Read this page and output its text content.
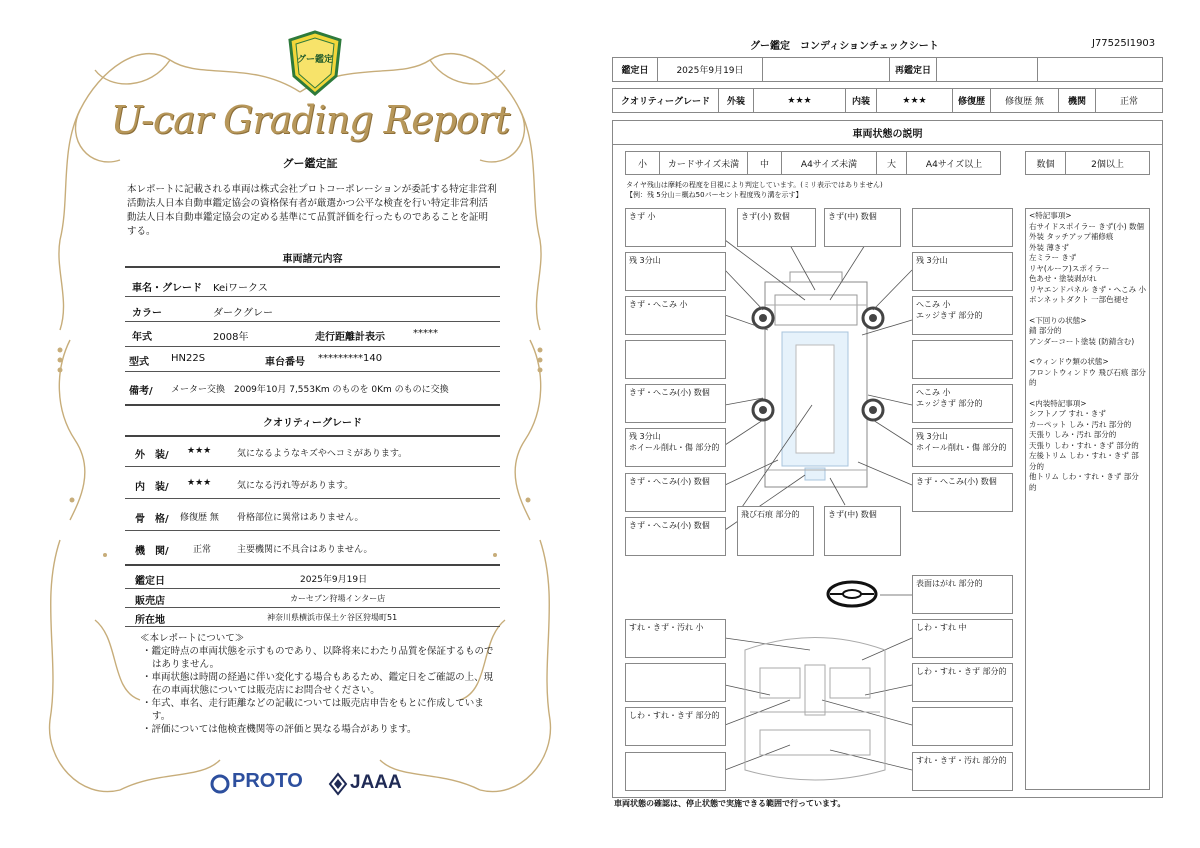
グー鑑定
U-car Grading Report
グー鑑定証
本レポートに記載される車両は株式会社プロトコーポレーションが委託する特定非営利活動法人日本自動車鑑定協会の資格保有者が厳選かつ公平な検査を行い特定非営利活動法人日本自動車鑑定協会の定める基準にて品質評価を行ったものであることを証明する。
車両諸元内容
車名・グレード Keiワークス
カラー	ダークグレー
年式	2008年	走行距離計表示	*****
型式 HN22S	車台番号 *********140
備考/ メーター交換　2009年10月 7,553Km のものを 0Km のものに交換
クオリティーグレード
外　装/ ★★★	気になるようなキズやヘコミがあります。
内　装/ ★★★	気になる汚れ等があります。
骨　格/ 修復歴 無 骨格部位に異常はありません。
機　関/	正常	主要機関に不具合はありません。
鑑定日	2025年9月19日
販売店	カーセブン狩場インター店
所在地	神奈川県横浜市保土ケ谷区狩場町51
≪本レポートについて≫
・鑑定時点の車両状態を示すものであり、以降将来にわたり品質を保証するものではありません。
・車両状態は時間の経過に伴い変化する場合もあるため、鑑定日をご確認の上、現在の車両状態については販売店にお問合せください。
・年式、車名、走行距離などの記載については販売店申告をもとに作成しています。
・評価については他検査機関等の評価と異なる場合があります。
PROTO JAAA
グー鑑定　コンディションチェックシート	J77525I1903
鑑定日	2025年9月19日	再鑑定日
クオリティーグレード	外装	★★★	内装	★★★	修復歴	修復歴 無	機関	正常
車両状態の説明
小	カードサイズ未満	中	A4サイズ未満	大	A4サイズ以上	数個	2個以上
タイヤ残山は摩耗の程度を目視により判定しています。(ミリ表示ではありません)
【例：残 5分山＝概ね50パーセント程度残り溝を示す】
きず 小	きず(小) 数個	きず(中) 数個
残 3分山	残 3分山
きず・へこみ 小	へこみ 小
エッジきず 部分的
きず・へこみ(小) 数個	へこみ 小
エッジきず 部分的
残 3分山
ホイール削れ・傷 部分的
残 3分山
ホイール削れ・傷 部分的
きず・へこみ(小) 数個	きず・へこみ(小) 数個
きず・へこみ(小) 数個
飛び石痕 部分的	きず(中) 数個
表面はがれ 部分的
すれ・きず・汚れ 小	しわ・すれ 中
しわ・すれ・きず 部分的
しわ・すれ・きず 部分的
すれ・きず・汚れ 部分的
<特記事項>
右サイドスポイラー きず(小) 数個
外装 タッチアップ補修痕
外装 薄きず
左ミラー きず
リヤ(ルーフ)スポイラー
色あせ・塗装剥がれ
リヤエンドパネル きず・へこみ 小
ボンネットダクト 一部色褪せ
<下回りの状態>
錆 部分的
アンダーコート塗装 (防錆含む)
<ウィンドウ類の状態>
フロントウィンドウ 飛び石痕 部分的
<内装特記事項>
シフトノブ すれ・きず
カーペット しみ・汚れ 部分的
天張り しみ・汚れ 部分的
天張り しわ・すれ・きず 部分的
左後トリム しわ・すれ・きず 部分的
他トリム しわ・すれ・きず 部分的
車両状態の確認は、停止状態で実施できる範囲で行っています。
